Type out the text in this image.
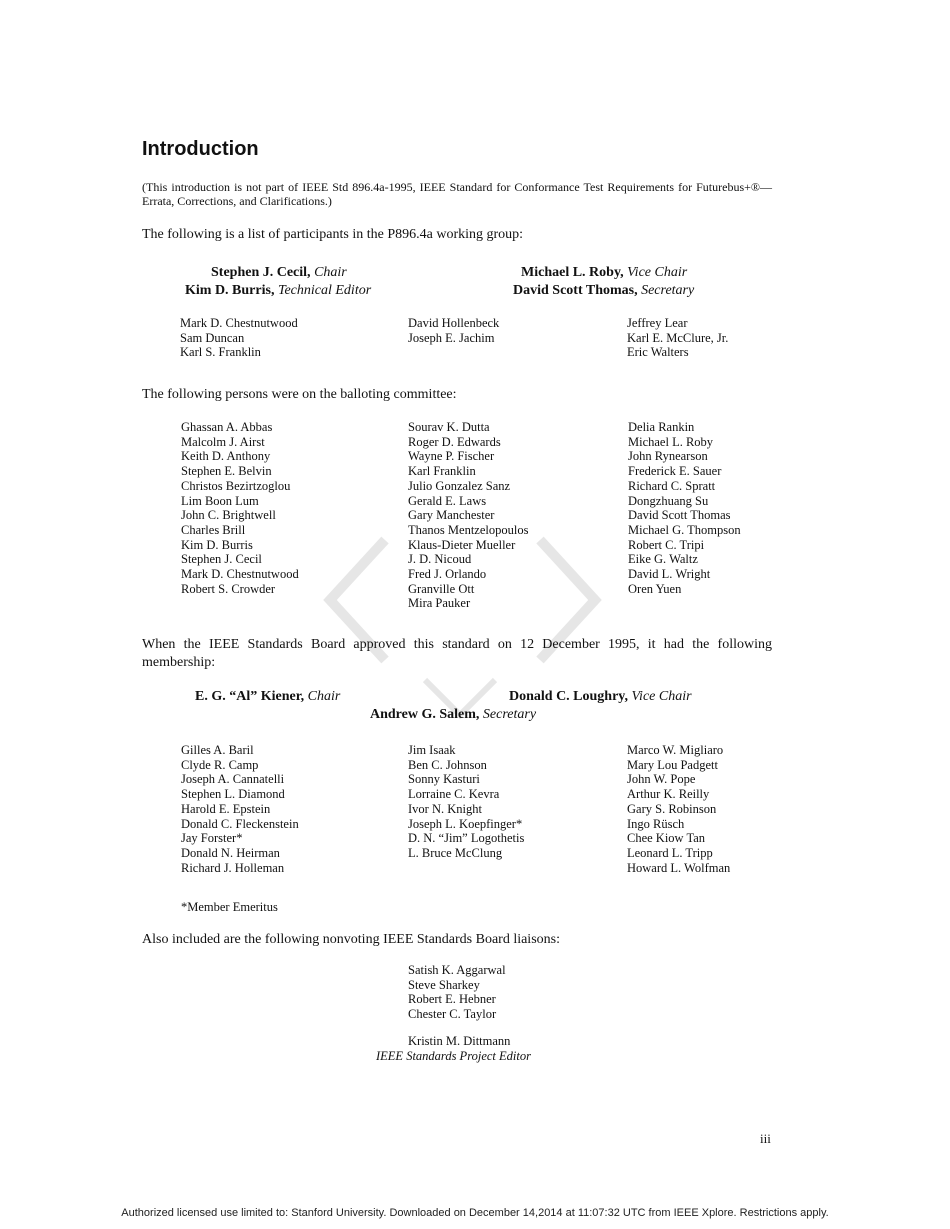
Introduction
(This introduction is not part of IEEE Std 896.4a-1995, IEEE Standard for Conformance Test Requirements for Futurebus+®—Errata, Corrections, and Clarifications.)
The following is a list of participants in the P896.4a working group:
Stephen J. Cecil, Chair
Kim D. Burris, Technical Editor
Michael L. Roby, Vice Chair
David Scott Thomas, Secretary
Mark D. Chestnutwood
Sam Duncan
Karl S. Franklin
David Hollenbeck
Joseph E. Jachim
Jeffrey Lear
Karl E. McClure, Jr.
Eric Walters
The following persons were on the balloting committee:
Ghassan A. Abbas
Malcolm J. Airst
Keith D. Anthony
Stephen E. Belvin
Christos Bezirtzoglou
Lim Boon Lum
John C. Brightwell
Charles Brill
Kim D. Burris
Stephen J. Cecil
Mark D. Chestnutwood
Robert S. Crowder
Sourav K. Dutta
Roger D. Edwards
Wayne P. Fischer
Karl Franklin
Julio Gonzalez Sanz
Gerald E. Laws
Gary Manchester
Thanos Mentzelopoulos
Klaus-Dieter Mueller
J. D. Nicoud
Fred J. Orlando
Granville Ott
Mira Pauker
Delia Rankin
Michael L. Roby
John Rynearson
Frederick E. Sauer
Richard C. Spratt
Dongzhuang Su
David Scott Thomas
Michael G. Thompson
Robert C. Tripi
Eike G. Waltz
David L. Wright
Oren Yuen
When the IEEE Standards Board approved this standard on 12 December 1995, it had the following membership:
E. G. “Al” Kiener, Chair	Donald C. Loughry, Vice Chair
Andrew G. Salem, Secretary
Gilles A. Baril
Clyde R. Camp
Joseph A. Cannatelli
Stephen L. Diamond
Harold E. Epstein
Donald C. Fleckenstein
Jay Forster*
Donald N. Heirman
Richard J. Holleman
Jim Isaak
Ben C. Johnson
Sonny Kasturi
Lorraine C. Kevra
Ivor N. Knight
Joseph L. Koepfinger*
D. N. “Jim” Logothetis
L. Bruce McClung
Marco W. Migliaro
Mary Lou Padgett
John W. Pope
Arthur K. Reilly
Gary S. Robinson
Ingo Rüsch
Chee Kiow Tan
Leonard L. Tripp
Howard L. Wolfman
*Member Emeritus
Also included are the following nonvoting IEEE Standards Board liaisons:
Satish K. Aggarwal
Steve Sharkey
Robert E. Hebner
Chester C. Taylor
Kristin M. Dittmann
IEEE Standards Project Editor
iii
Authorized licensed use limited to: Stanford University. Downloaded on December 14,2014 at 11:07:32 UTC from IEEE Xplore. Restrictions apply.
